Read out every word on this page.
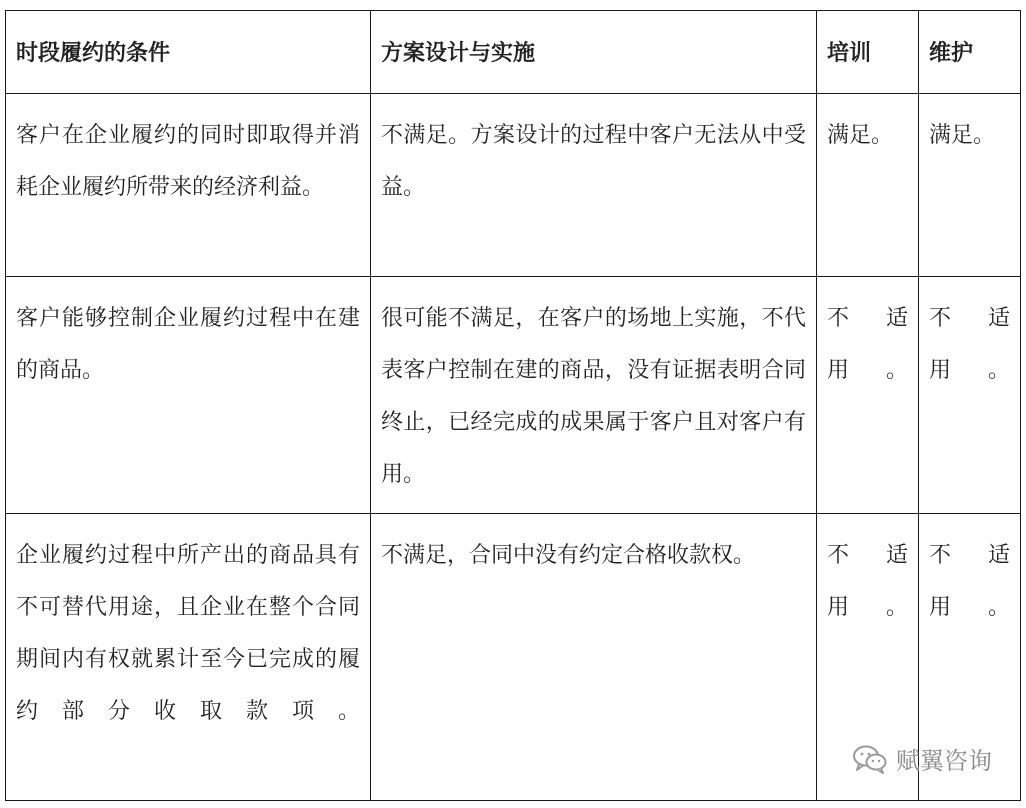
时段履约的条件	方案设计与实施	培训	维护
客户在企业履约的同时即取得并消耗企业履约所带来的经济利益。	不满足。方案设计的过程中客户无法从中受益。	满足。	满足。
客户能够控制企业履约过程中在建的商品。	很可能不满足，在客户的场地上实施，不代表客户控制在建的商品，没有证据表明合同终止，已经完成的成果属于客户且对客户有用。	不适用。	不适用。
企业履约过程中所产出的商品具有不可替代用途，且企业在整个合同期间内有权就累计至今已完成的履约部分收取款项。	不满足，合同中没有约定合格收款权。	不适用。	不适用。
赋翼咨询
